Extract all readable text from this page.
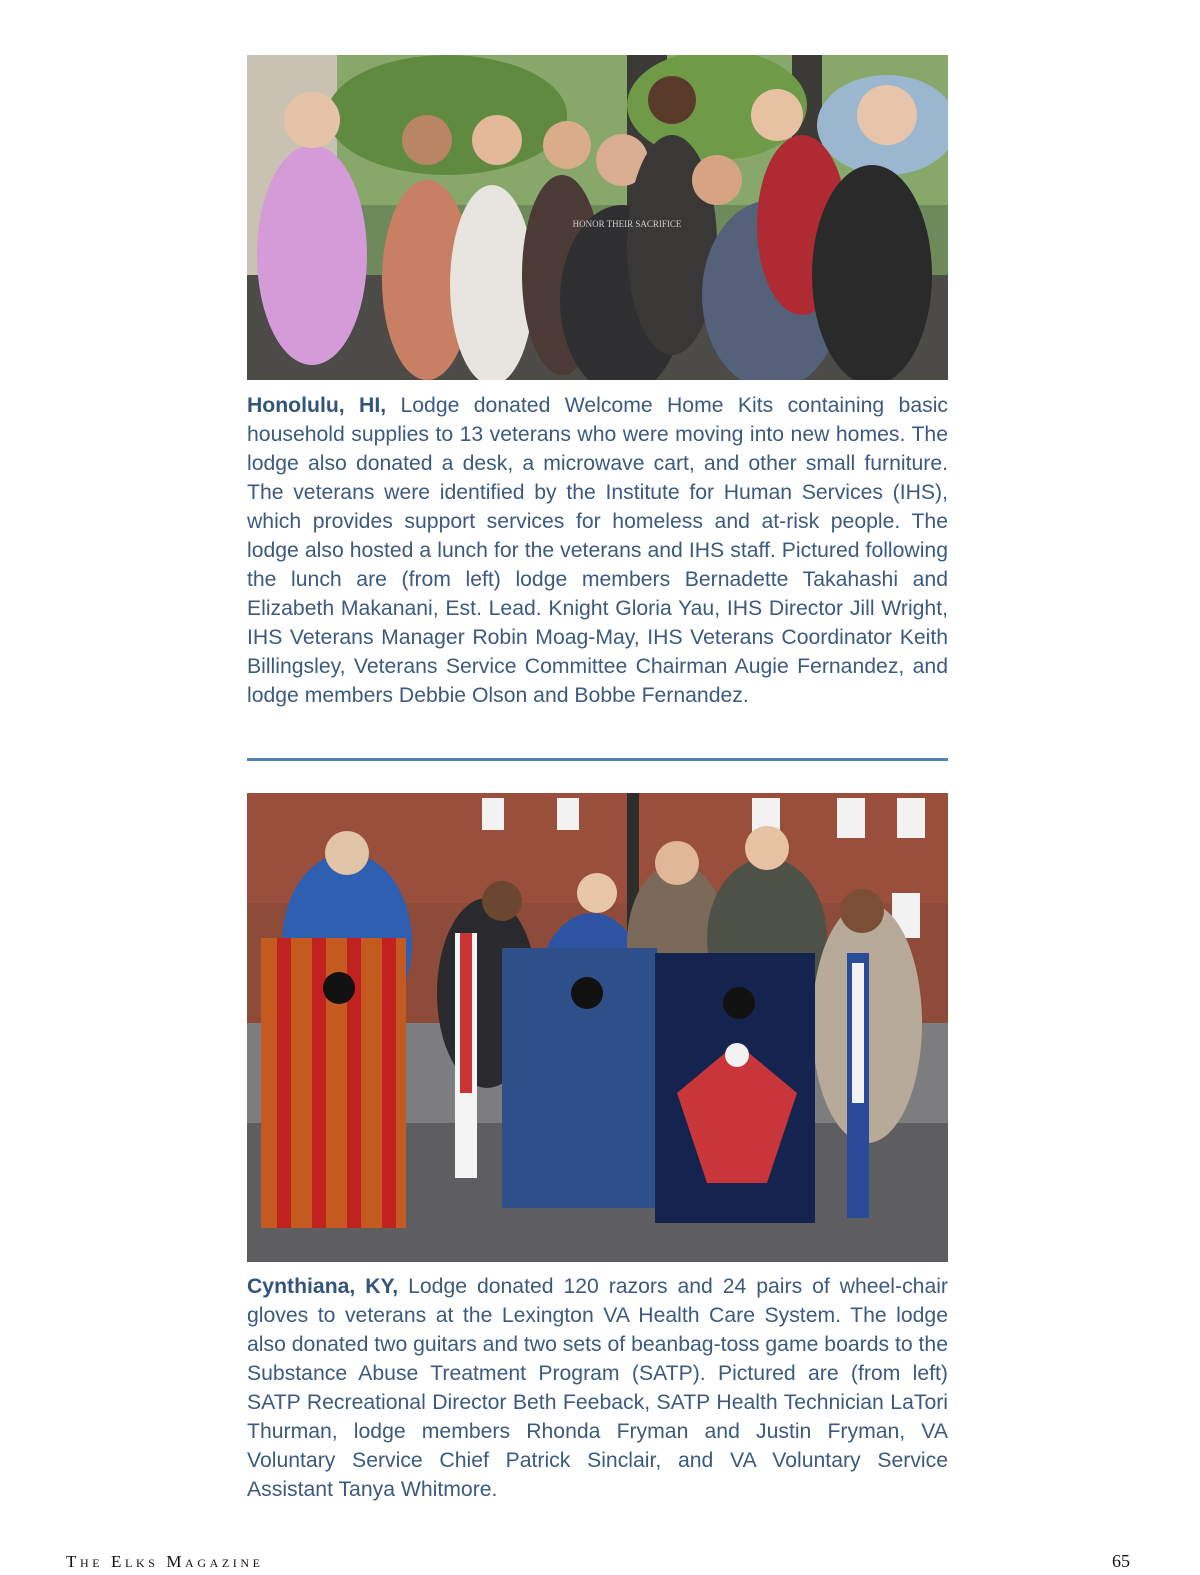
HONOR THEIR SACRIFICE

Honolulu, HI, Lodge donated Welcome Home Kits containing basic household supplies to 13 veterans who were moving into new homes. The lodge also donated a desk, a microwave cart, and other small furniture. The veterans were identified by the Institute for Human Services (IHS), which provides support services for homeless and at-risk people. The lodge also hosted a lunch for the veterans and IHS staff. Pictured following the lunch are (from left) lodge members Bernadette Takahashi and Elizabeth Makanani, Est. Lead. Knight Gloria Yau, IHS Director Jill Wright, IHS Veterans Manager Robin Moag-May, IHS Veterans Coordinator Keith Billingsley, Veterans Service Committee Chairman Augie Fernandez, and lodge members Debbie Olson and Bobbe Fernandez.

Cynthiana, KY, Lodge donated 120 razors and 24 pairs of wheel-chair gloves to veterans at the Lexington VA Health Care System. The lodge also donated two guitars and two sets of beanbag-toss game boards to the Substance Abuse Treatment Program (SATP). Pictured are (from left) SATP Recreational Director Beth Feeback, SATP Health Technician LaTori Thurman, lodge members Rhonda Fryman and Justin Fryman, VA Voluntary Service Chief Patrick Sinclair, and VA Voluntary Service Assistant Tanya Whitmore.

The Elks Magazine	65
